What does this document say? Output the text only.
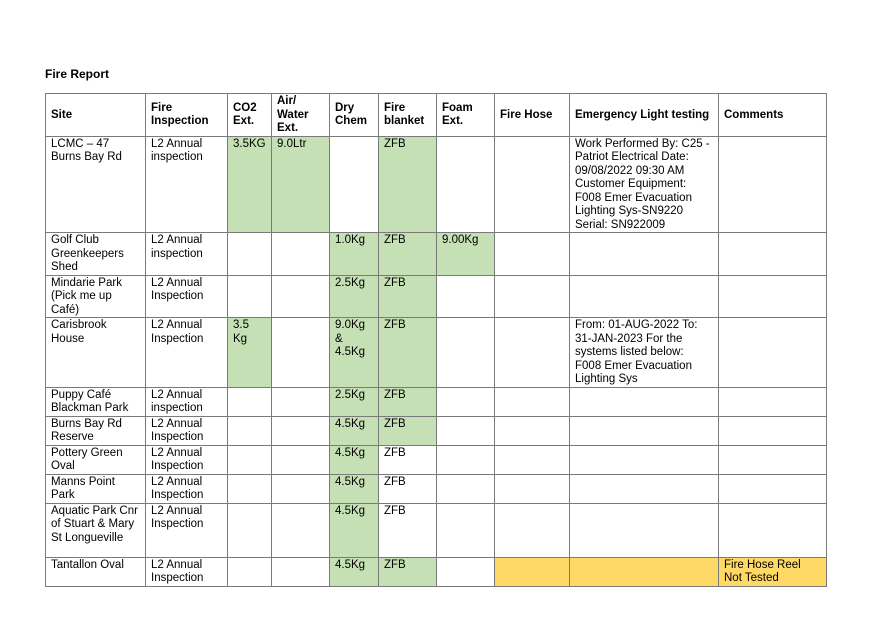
Fire Report
Site	Fire Inspection	CO2 Ext.	Air/ Water Ext.	Dry Chem	Fire blanket	Foam Ext.	Fire Hose	Emergency Light testing	Comments
LCMC – 47 Burns Bay Rd	L2 Annual inspection	3.5KG	9.0Ltr		ZFB			Work Performed By: C25 - Patriot Electrical Date: 09/08/2022 09:30 AM Customer Equipment: F008 Emer Evacuation Lighting Sys-SN9220 Serial: SN922009	
Golf Club Greenkeepers Shed	L2 Annual inspection			1.0Kg	ZFB	9.00Kg			
Mindarie Park (Pick me up Café)	L2 Annual Inspection			2.5Kg	ZFB				
Carisbrook House	L2 Annual Inspection	3.5 Kg		9.0Kg & 4.5Kg	ZFB			From: 01-AUG-2022 To: 31-JAN-2023 For the systems listed below: F008 Emer Evacuation Lighting Sys	
Puppy Café Blackman Park	L2 Annual inspection			2.5Kg	ZFB				
Burns Bay Rd Reserve	L2 Annual Inspection			4.5Kg	ZFB				
Pottery Green Oval	L2 Annual Inspection			4.5Kg	ZFB				
Manns Point Park	L2 Annual Inspection			4.5Kg	ZFB				
Aquatic Park Cnr of Stuart & Mary St Longueville	L2 Annual Inspection			4.5Kg	ZFB				
Tantallon Oval	L2 Annual Inspection			4.5Kg	ZFB				Fire Hose Reel Not Tested
